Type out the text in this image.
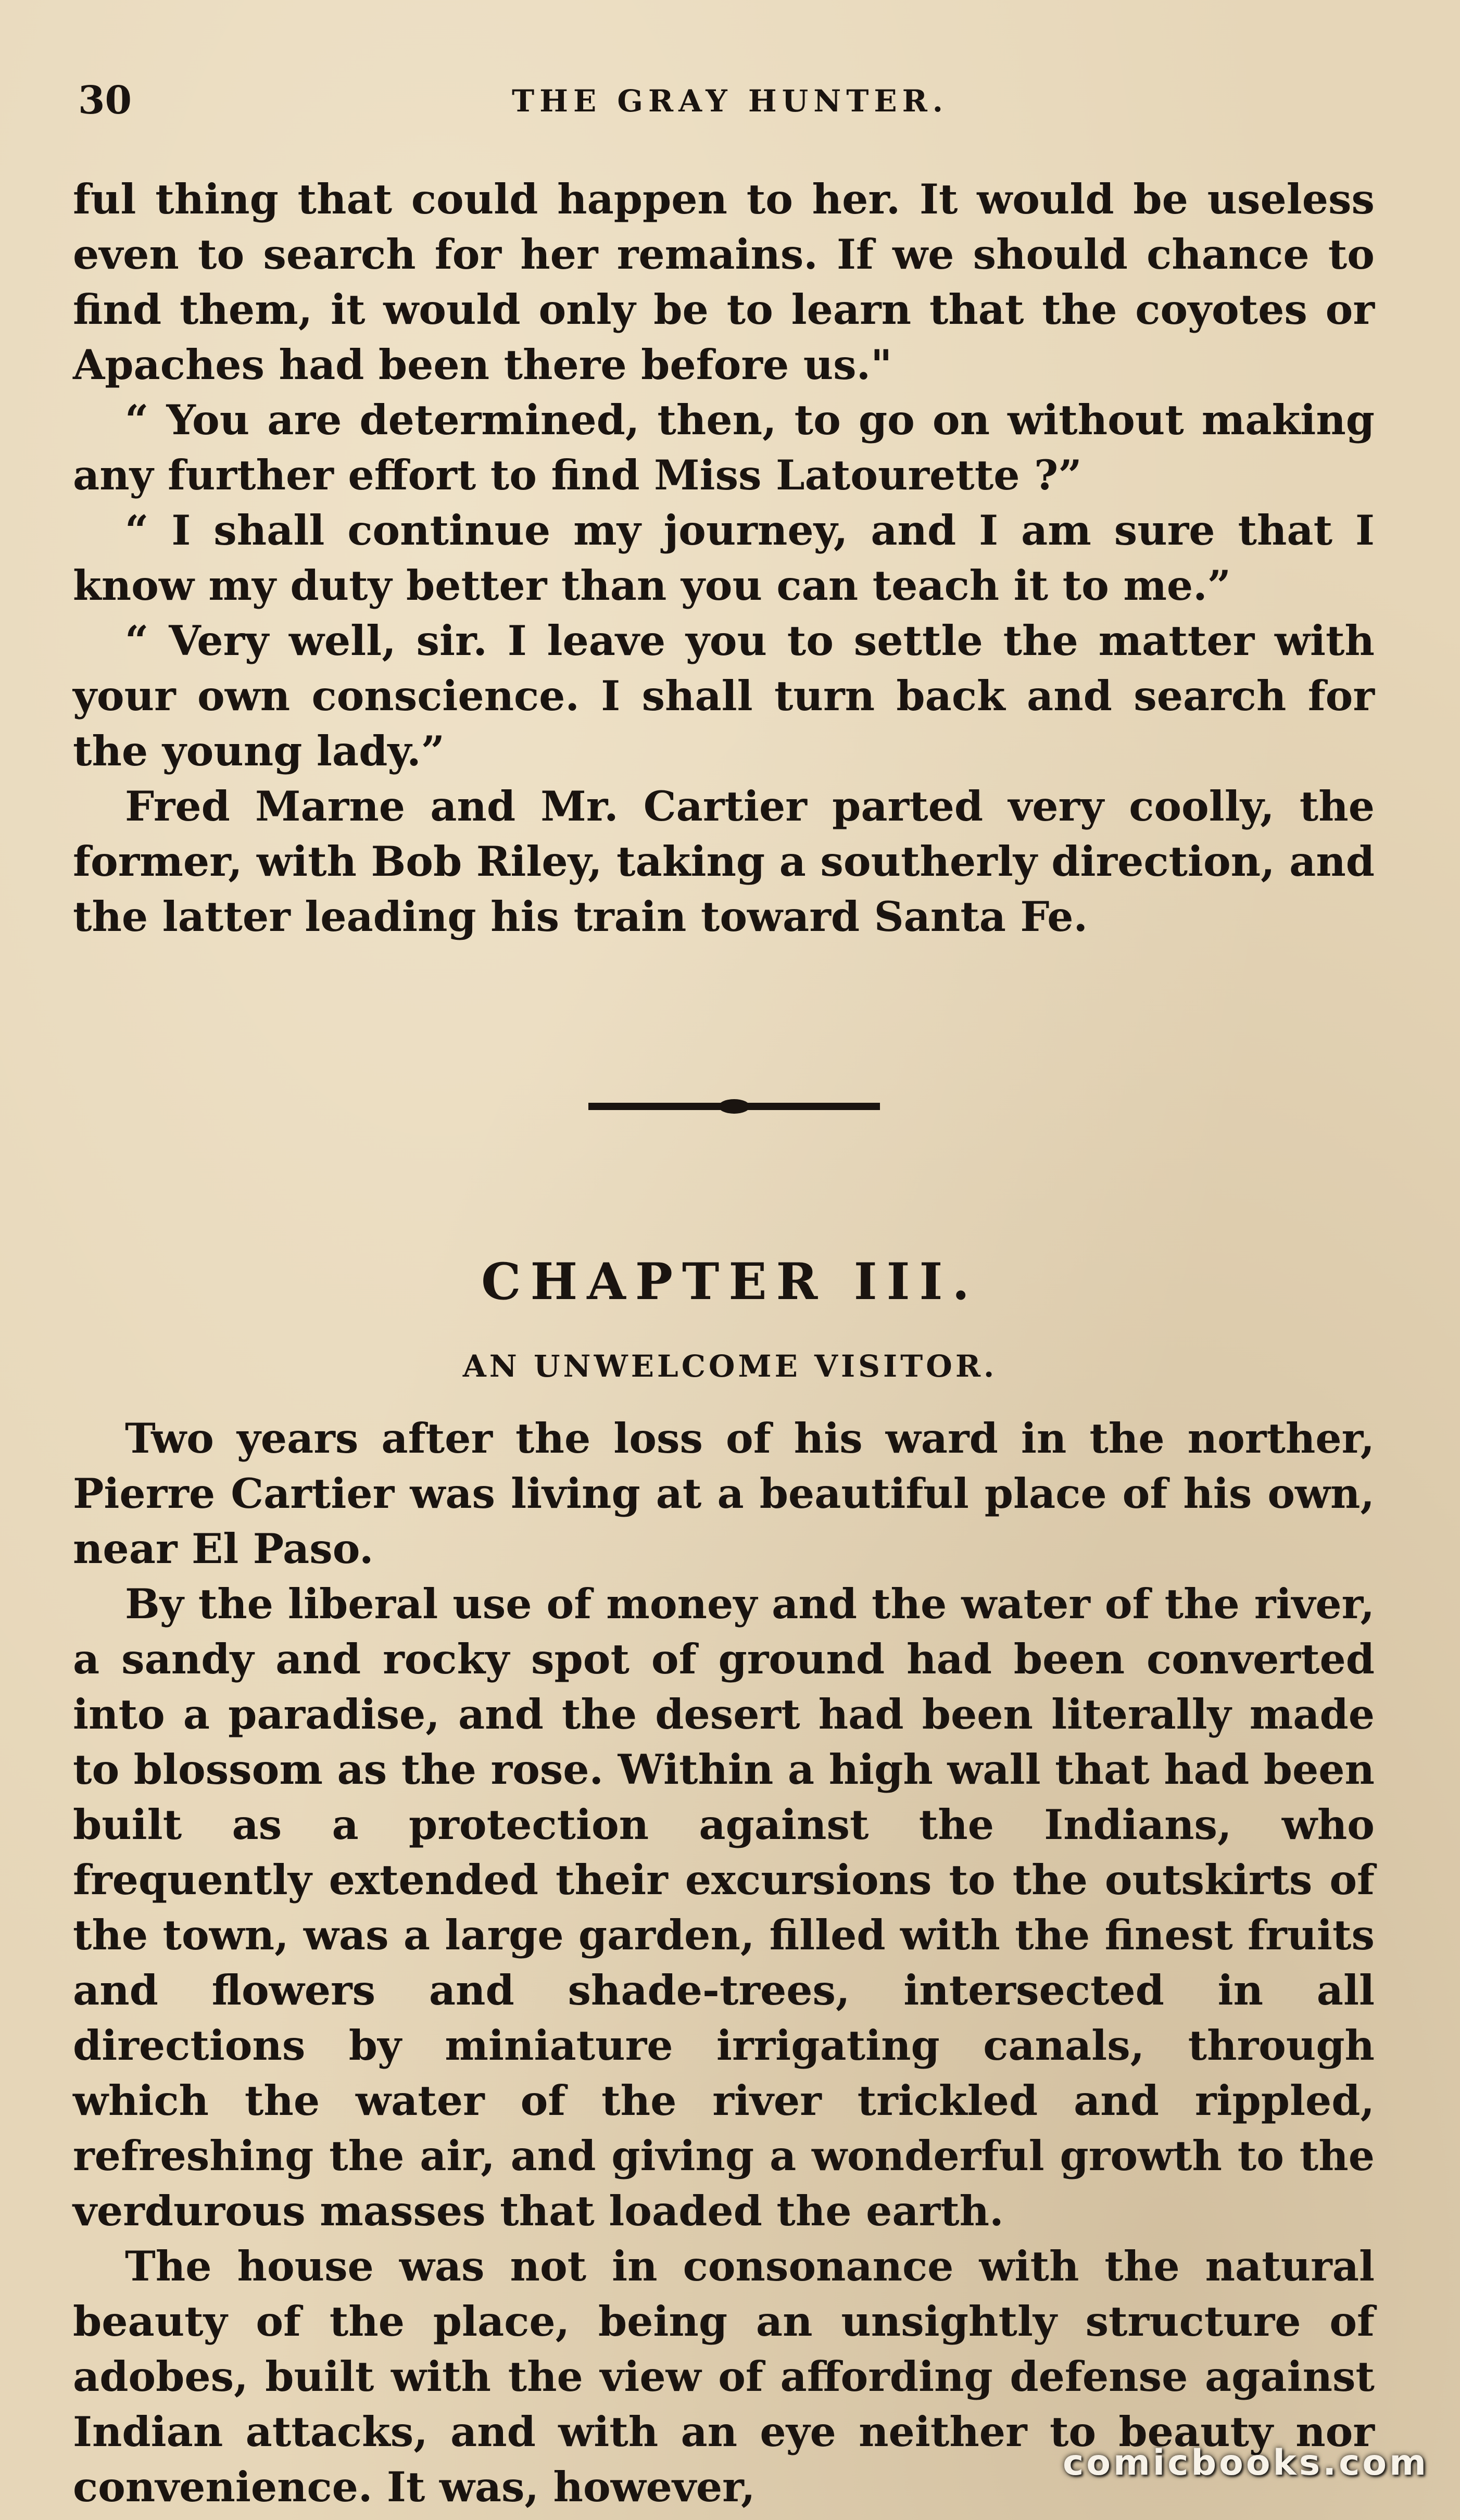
30	THE GRAY HUNTER.

ful thing that could happen to her. It would be useless even to search for her remains. If we should chance to find them, it would only be to learn that the coyotes or Apaches had been there before us."

“ You are determined, then, to go on without making any further effort to find Miss Latourette ?”

“ I shall continue my journey, and I am sure that I know my duty better than you can teach it to me.”

“ Very well, sir. I leave you to settle the matter with your own conscience. I shall turn back and search for the young lady.”

Fred Marne and Mr. Cartier parted very coolly, the former, with Bob Riley, taking a southerly direction, and the latter leading his train toward Santa Fe.

CHAPTER III.
AN UNWELCOME VISITOR.

Two years after the loss of his ward in the norther, Pierre Cartier was living at a beautiful place of his own, near El Paso.

By the liberal use of money and the water of the river, a sandy and rocky spot of ground had been converted into a paradise, and the desert had been literally made to blossom as the rose. Within a high wall that had been built as a protection against the Indians, who frequently extended their excursions to the outskirts of the town, was a large garden, filled with the finest fruits and flowers and shade-trees, intersected in all directions by miniature irrigating canals, through which the water of the river trickled and rippled, refreshing the air, and giving a wonderful growth to the verdurous masses that loaded the earth.

The house was not in consonance with the natural beauty of the place, being an unsightly structure of adobes, built with the view of affording defense against Indian attacks, and with an eye neither to beauty nor convenience. It was, however,	comicbooks.com
